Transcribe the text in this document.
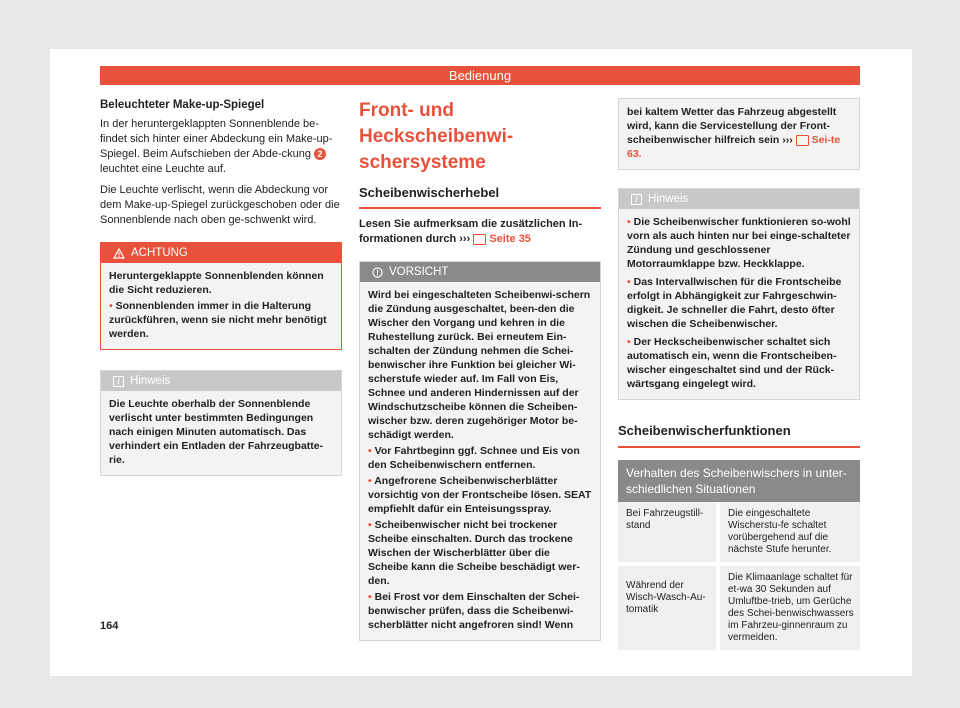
Bedienung

Beleuchteter Make-up-Spiegel

In der heruntergeklappten Sonnenblende be-findet sich hinter einer Abdeckung ein Make-up-Spiegel. Beim Aufschieben der Abde-ckung 2 leuchtet eine Leuchte auf.

Die Leuchte verlischt, wenn die Abdeckung vor dem Make-up-Spiegel zurückgeschoben oder die Sonnenblende nach oben ge-schwenkt wird.

ACHTUNG
Heruntergeklappte Sonnenblenden können die Sicht reduzieren.
• Sonnenblenden immer in die Halterung zurückführen, wenn sie nicht mehr benötigt werden.
i Hinweis
Die Leuchte oberhalb der Sonnenblende verlischt unter bestimmten Bedingungen nach einigen Minuten automatisch. Das verhindert ein Entladen der Fahrzeugbatte-rie.
Front- und Heckscheibenwi-schersysteme
Scheibenwischerhebel

Lesen Sie aufmerksam die zusätzlichen In-formationen durch ››› Seite 35

VORSICHT
Wird bei eingeschalteten Scheibenwi-schern die Zündung ausgeschaltet, been-den die Wischer den Vorgang und kehren in die Ruhestellung zurück. Bei erneutem Ein-schalten der Zündung nehmen die Schei-benwischer ihre Funktion bei gleicher Wi-scherstufe wieder auf. Im Fall von Eis, Schnee und anderen Hindernissen auf der Windschutzscheibe können die Scheiben-wischer bzw. deren zugehöriger Motor be-schädigt werden.
• Vor Fahrtbeginn ggf. Schnee und Eis von den Scheibenwischern entfernen.
• Angefrorene Scheibenwischerblätter vorsichtig von der Frontscheibe lösen. SEAT empfiehlt dafür ein Enteisungsspray.
• Scheibenwischer nicht bei trockener Scheibe einschalten. Durch das trockene Wischen der Wischerblätter über die Scheibe kann die Scheibe beschädigt wer-den.
• Bei Frost vor dem Einschalten der Schei-benwischer prüfen, dass die Scheibenwi-scherblätter nicht angefroren sind! Wenn
bei kaltem Wetter das Fahrzeug abgestellt wird, kann die Servicestellung der Front-scheibenwischer hilfreich sein ››› Sei-te 63.
i Hinweis
• Die Scheibenwischer funktionieren so-wohl vorn als auch hinten nur bei einge-schalteter Zündung und geschlossener Motorraumklappe bzw. Heckklappe.
• Das Intervallwischen für die Frontscheibe erfolgt in Abhängigkeit zur Fahrgeschwin-digkeit. Je schneller die Fahrt, desto öfter wischen die Scheibenwischer.
• Der Heckscheibenwischer schaltet sich automatisch ein, wenn die Frontscheiben-wischer eingeschaltet sind und der Rück-wärtsgang eingelegt wird.
Scheibenwischerfunktionen
Verhalten des Scheibenwischers in unter-schiedlichen Situationen
Bei Fahrzeugstill-stand
Die eingeschaltete Wischerstu-fe schaltet vorübergehend auf die nächste Stufe herunter.
Während der Wisch-Wasch-Au-tomatik
Die Klimaanlage schaltet für et-wa 30 Sekunden auf Umluftbe-trieb, um Gerüche des Schei-benwischwassers im Fahrzeu-ginnenraum zu vermeiden.
164
